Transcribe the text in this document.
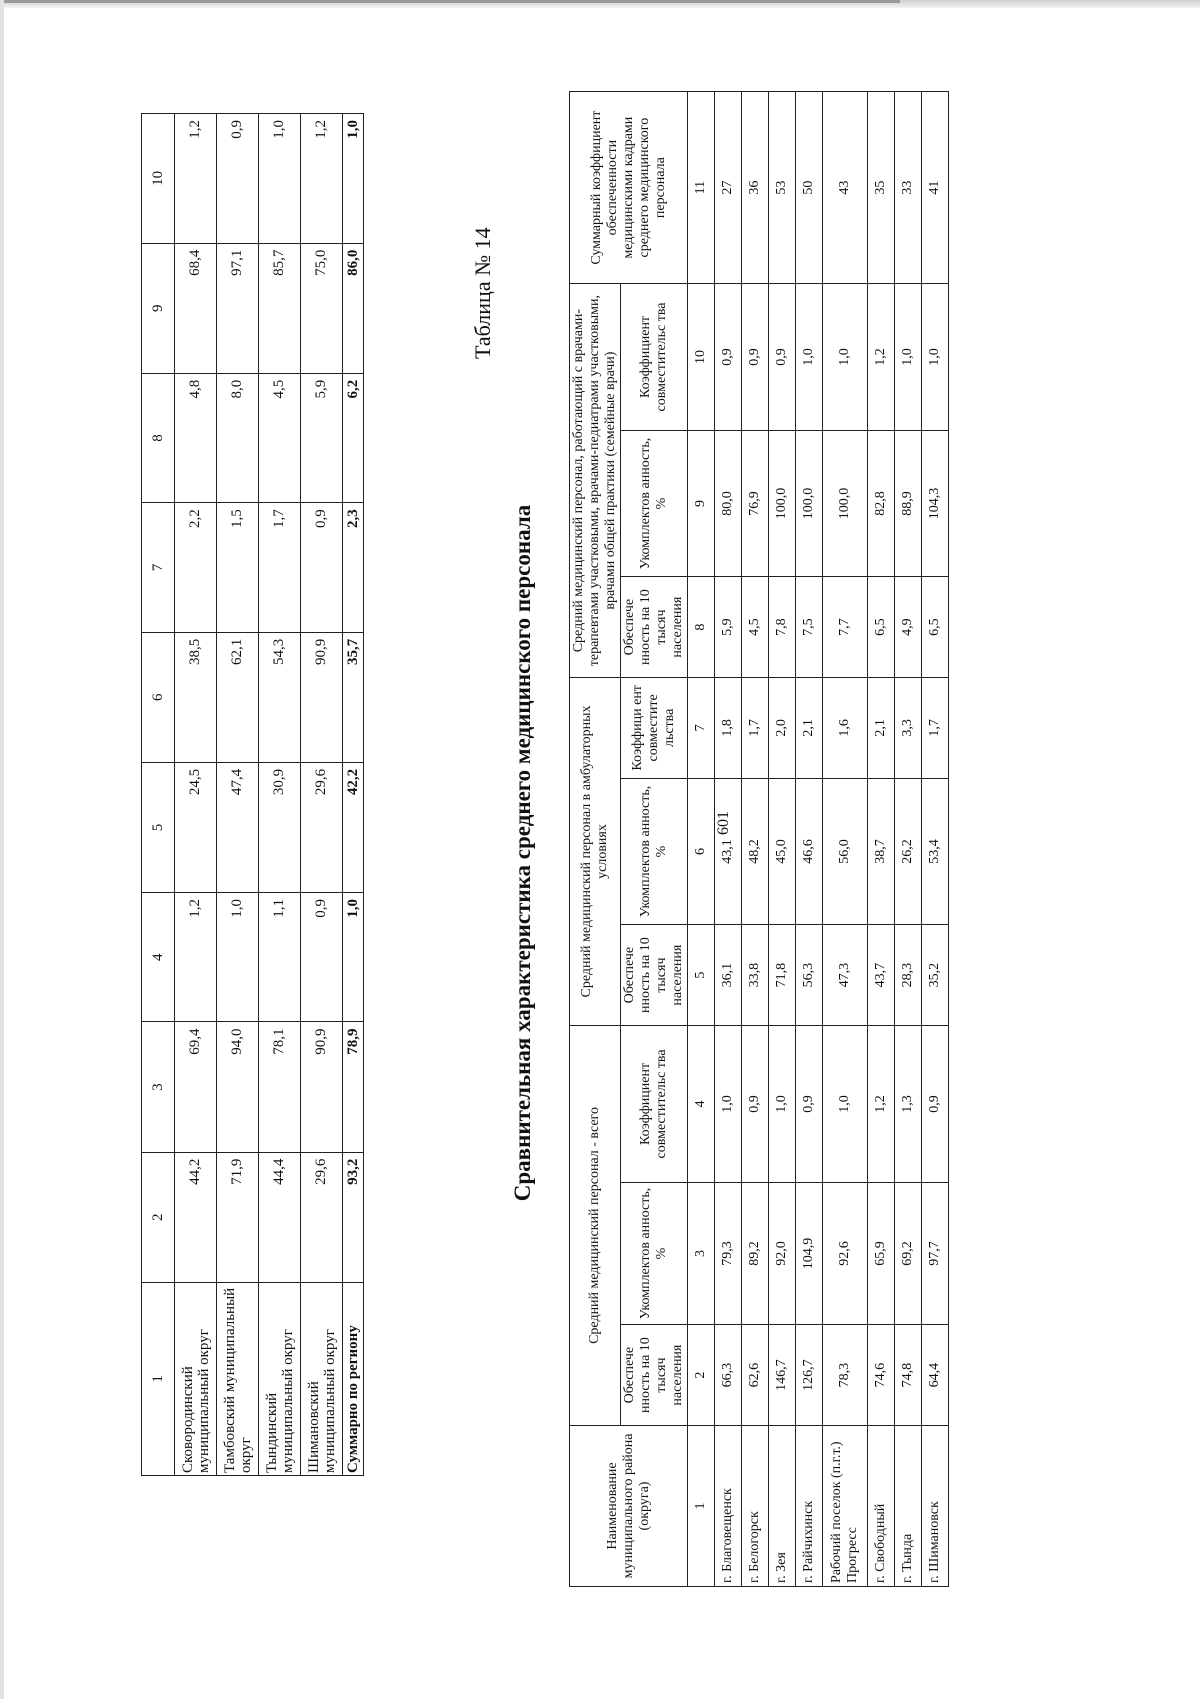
601
1	2	3	4	5	6	7	8	9	10
Сковородинский муниципальный округ	44,2	69,4	1,2	24,5	38,5	2,2	4,8	68,4	1,2
Тамбовский муниципальный округ	71,9	94,0	1,0	47,4	62,1	1,5	8,0	97,1	0,9
Тындинский муниципальный округ	44,4	78,1	1,1	30,9	54,3	1,7	4,5	85,7	1,0
Шимановский муниципальный округ	29,6	90,9	0,9	29,6	90,9	0,9	5,9	75,0	1,2
Суммарно по региону	93,2	78,9	1,0	42,2	35,7	2,3	6,2	86,0	1,0
Таблица № 14
Сравнительная характеристика среднего медицинского персонала
Наименование муниципального района (округа)	Средний медицинский персонал - всего			Средний медицинский персонал в амбулаторных условиях			Средний медицинский персонал, работающий с врачами-терапевтами участковыми, врачами-педиатрами участковыми, врачами общей практики (семейные врачи)			Суммарный коэффициент обеспеченности медицинскими кадрами среднего медицинского персонала
	Обеспече нность на 10 тысяч населения	Укомплектов анность, %	Коэффициент совместительс тва	Обеспече нность на 10 тысяч населения	Укомплектов анность, %	Коэффици ент совместите льства	Обеспече нность на 10 тысяч населения	Укомплектов анность, %	Коэффициент совместительс тва	
1	2	3	4	5	6	7	8	9	10	11
г. Благовещенск	66,3	79,3	1,0	36,1	43,1	1,8	5,9	80,0	0,9	27
г. Белогорск	62,6	89,2	0,9	33,8	48,2	1,7	4,5	76,9	0,9	36
г. Зея	146,7	92,0	1,0	71,8	45,0	2,0	7,8	100,0	0,9	53
г. Райчихинск	126,7	104,9	0,9	56,3	46,6	2,1	7,5	100,0	1,0	50
Рабочий поселок (п.г.т.) Прогресс	78,3	92,6	1,0	47,3	56,0	1,6	7,7	100,0	1,0	43
г. Свободный	74,6	65,9	1,2	43,7	38,7	2,1	6,5	82,8	1,2	35
г. Тында	74,8	69,2	1,3	28,3	26,2	3,3	4,9	88,9	1,0	33
г. Шимановск	64,4	97,7	0,9	35,2	53,4	1,7	6,5	104,3	1,0	41
